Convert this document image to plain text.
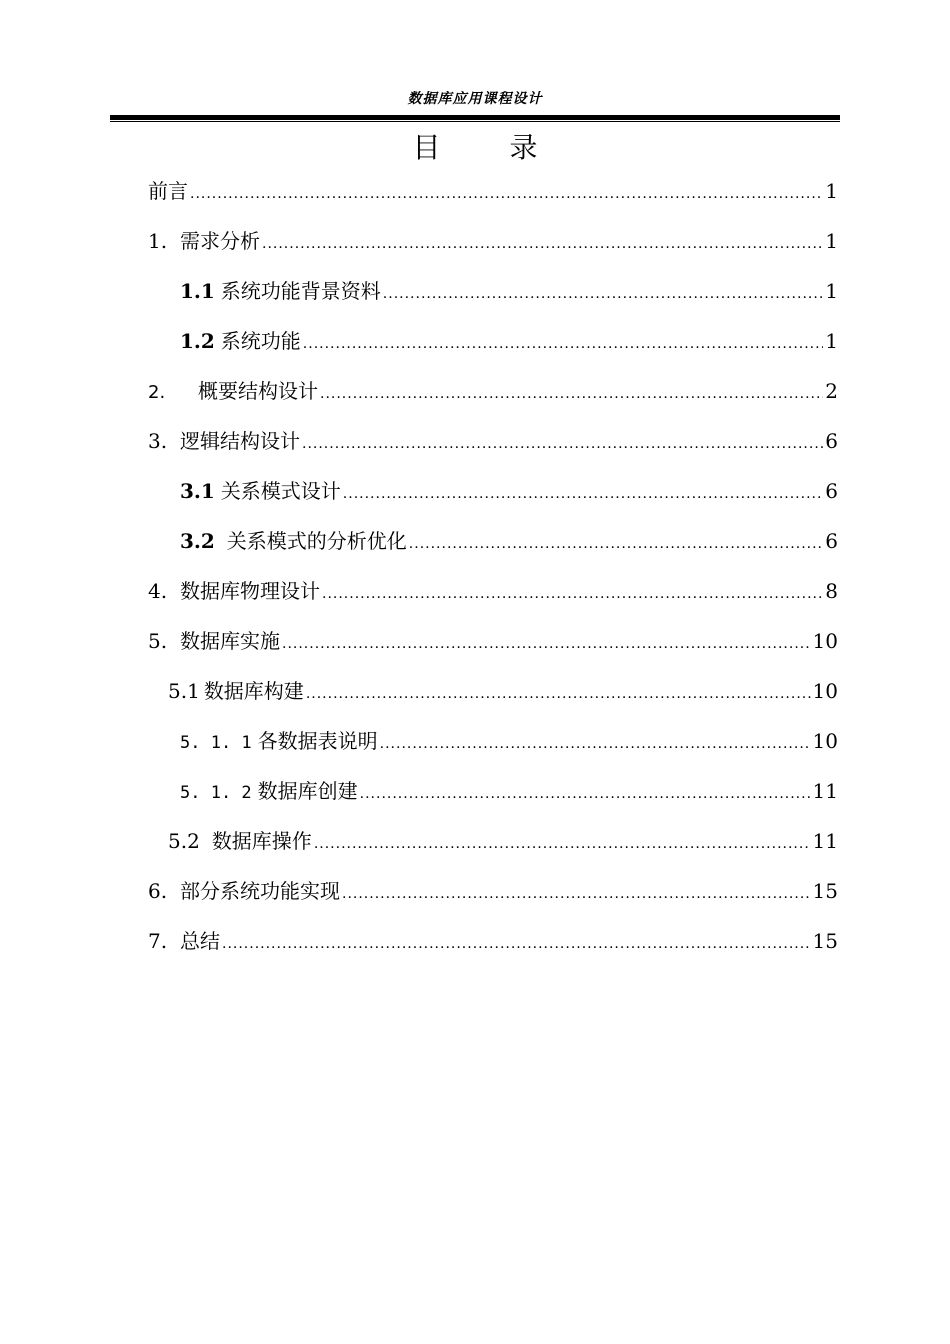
数据库应用课程设计
目 录
前言 .....	1
1. 需求分析 .....	1
1.1 系统功能背景资料 .....	1
1.2 系统功能 .....	1
2.	概要结构设计 .....	2
3. 逻辑结构设计 .....	6
3.1 关系模式设计 .....	6
3.2 关系模式的分析优化 .....	6
4. 数据库物理设计 .....	8
5. 数据库实施 .....	10
5.1 数据库构建 .....	10
5. 1. 1 各数据表说明 .....	10
5. 1. 2 数据库创建 .....	11
5.2 数据库操作 .....	11
6. 部分系统功能实现 .....	15
7. 总结 .....	15
